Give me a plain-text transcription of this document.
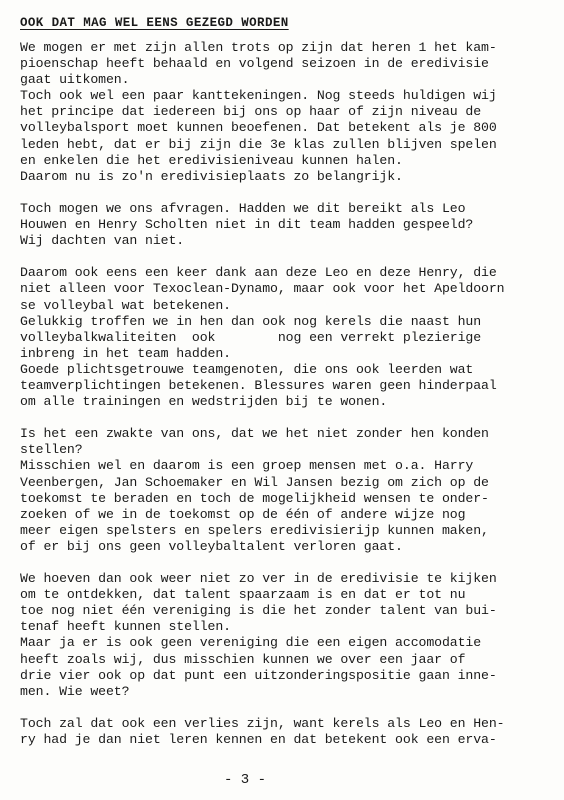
OOK DAT MAG WEL EENS GEZEGD WORDEN
We mogen er met zijn allen trots op zijn dat heren 1 het kam-
pioenschap heeft behaald en volgend seizoen in de eredivisie
gaat uitkomen.
Toch ook wel een paar kanttekeningen. Nog steeds huldigen wij
het principe dat iedereen bij ons op haar of zijn niveau de
volleybalsport moet kunnen beoefenen. Dat betekent als je 800
leden hebt, dat er bij zijn die 3e klas zullen blijven spelen
en enkelen die het eredivisieniveau kunnen halen.
Daarom nu is zo'n eredivisieplaats zo belangrijk.
Toch mogen we ons afvragen. Hadden we dit bereikt als Leo
Houwen en Henry Scholten niet in dit team hadden gespeeld?
Wij dachten van niet.
Daarom ook eens een keer dank aan deze Leo en deze Henry, die
niet alleen voor Texoclean-Dynamo, maar ook voor het Apeldoorn
se volleybal wat betekenen.
Gelukkig troffen we in hen dan ook nog kerels die naast hun
volleybalkwaliteiten  ook        nog een verrekt plezierige
inbreng in het team hadden.
Goede plichtsgetrouwe teamgenoten, die ons ook leerden wat
teamverplichtingen betekenen. Blessures waren geen hinderpaal
om alle trainingen en wedstrijden bij te wonen.
Is het een zwakte van ons, dat we het niet zonder hen konden
stellen?
Misschien wel en daarom is een groep mensen met o.a. Harry
Veenbergen, Jan Schoemaker en Wil Jansen bezig om zich op de
toekomst te beraden en toch de mogelijkheid wensen te onder-
zoeken of we in de toekomst op de één of andere wijze nog
meer eigen spelsters en spelers eredivisierijp kunnen maken,
of er bij ons geen volleybaltalent verloren gaat.
We hoeven dan ook weer niet zo ver in de eredivisie te kijken
om te ontdekken, dat talent spaarzaam is en dat er tot nu
toe nog niet één vereniging is die het zonder talent van bui-
tenaf heeft kunnen stellen.
Maar ja er is ook geen vereniging die een eigen accomodatie
heeft zoals wij, dus misschien kunnen we over een jaar of
drie vier ook op dat punt een uitzonderingspositie gaan inne-
men. Wie weet?
Toch zal dat ook een verlies zijn, want kerels als Leo en Hen-
ry had je dan niet leren kennen en dat betekent ook een erva-
- 3 -
